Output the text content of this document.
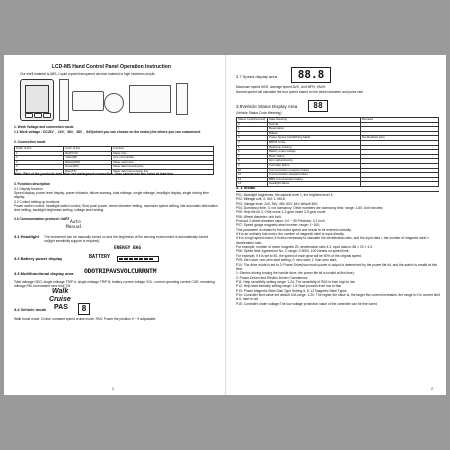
LCD-M5 Hand Control Panel Operation Instruction
Our shell material is ABS, Liquid crystal transparent window material is high hardness acrylic.
1. Work Voltage and connection mode
1.1 Work voltage : DC24V 、24V、36V、48V 、64V(which you can choose on the motor),the others you can customized.
2. Connection mode
Order of line	Color of line	Function
1	Red(VCC)	Meter wire
2	Yellow(B)	wire of Controller
3	Black(GND)	Meter earth wire
4	Green(RX)	Meter data receiving line
5	Blue(TX)	Meter data transmission line
Note: Part of the products lead wire use waterproof connection. User cannot see the color of lead line.
3. Function description
3.1 Display function
Speed display, power level display, power indicator, failure warning, total mileage, single mileage, headlight display, single driving time display.
3.2 Control setting up functions
Power switch control, headlight switch control, Slow push power, wheel diameter setting, maximum speed setting, idle automatic hibernation time setting, backlight brightness setting, voltage level setting.
3.3 Communication protocol: UART
Auto
Manual
3.1 Headlight The instrument can be manually turned on and the brightness of the sensing environment is automatically turned on(light sensitivity support is required).
ENERGY BAG
3.2 Battery power display	BATTERY
3.3 Multifunctional display area ODOTRIPAVSVOLCURRNTM
Total mileage ODO, single mileage TRIP A, single mileage TRIP B, battery current voltage VOL, current operating current CUR, remaining mileage RM, tournament race time TM.
Walk
Cruise
PAS	8
3.4 Vehicle mode
Walk boost mode, Cruise: constant speed cruise mode, PAS: Power the position 0 ~ 9 adjustable;
1
3.7 Speed display area	88.8
Maximum speed MXS, average speed AVS, Unit MPH, KM/H.
Normal speed will calculate the true speed based on the wheel diameter and pulse rate.
3.8Vehicle Status Display Area	88
(Vehicle Status Code Meaning)
Status Code(Decimal)	State Meaning	Remarks
0	Normal	
1	Reservation	
2	Brakes	
3	Power Sensor Fault(Riding Mark)	Not Realized Here
4	86Drift cruise	
5	Real-time cruising	
6	Battery under-voltage	
7	Motor failure	
8	turn malfunctioning	
9	Controller failure	
10	Communication reception failure	
11	Communication dispatch failure	
12	BMS communication failure	
13	Headlight failure	
3. 1 install
P01: Backlight brightness, the darkest level 1, the brightest level 3;
P02: Mileage unit, 0: KM; 1: MILE;
P03: Voltage level: 24V, 36V, 48V, 60V, 64V default 36V;
P04: Dormancy time, 0, not dormancy; Other numbers are dormancy time, range: 1-60; Unit minutes;
P05: Help file bit 3, 0 file mode 1-3 gear mode 2-9 gear mode
P06: Wheel diameter: unit inch,
Protocol 2 wheel diameter value: 0.0 ~ 50 Precision: 0.1 inch
P07: Speed gauge magnetic steel number: range: 1~100;
This parameter is related to the motor speed and needs to be entered correctly.
If it is an ordinary hub motor, the number of magnetic steel is input directly.
If it is a high-speed motor, it is also necessary to calculate the deceleration ratio, and the input data = the number of magnetic steel × deceleration ratio.
For example, number of motor magnets 20, deceleration ratio 4.3, input data is: 86 = 20 × 4.3
P08: Speed limit: Agreement No. 2: range: 0-9000, 100 means no speed limit.
For example, if it is set to 50, the speed of each gear will be 50% of the original speed.
P09: Zero start, non-zero start setting, 0: zero start; 1: Non-zero start;
P10: The drive mode is set to 0: Power Drive(how much power is output is determined by the power file bit, and the switch is invalid at this time.
1: Electric driving turning the handle drive, the power file bit is invalid at this time).
2: Power-Driven and Electric-Driven Coexistence
P11: Help sensitivity setting range: 1-24; The sensitivity of PAS is from high to low
P12: Help start intensity setting range: 1-5 Start process from low to fear
P13: Power Magnetic Steel Disk Type Setting 5, 8, 12 Magnetic Steel Types
P14: Controller limit value set default 10A range: 1-20; The higher the value is, the larger the current increases, the range is 0 in current limit is 0; start is not
P15: Controller under voltage;The low voltage protection value of the controller can be fine tuned
2
